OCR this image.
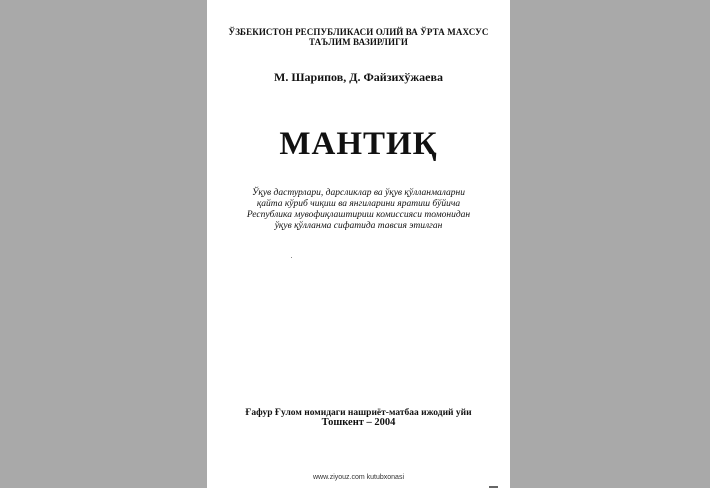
ЎЗБЕКИСТОН РЕСПУБЛИКАСИ ОЛИЙ ВА ЎРТА МАХСУС
ТАЪЛИМ ВАЗИРЛИГИ
М. Шарипов, Д. Файзихўжаева
МАНТИҚ
Ўқув дастурлари, дарсликлар ва ўқув қўлланмаларни
қайта кўриб чиқиш ва янгиларини яратиш бўйича
Республика мувофиқлаштириш комиссияси томонидан
ўқув қўлланма сифатида тавсия этилган
Ғафур Ғулом номидаги нашриёт-матбаа ижодий уйи
Тошкент – 2004
www.ziyouz.com kutubxonasi
